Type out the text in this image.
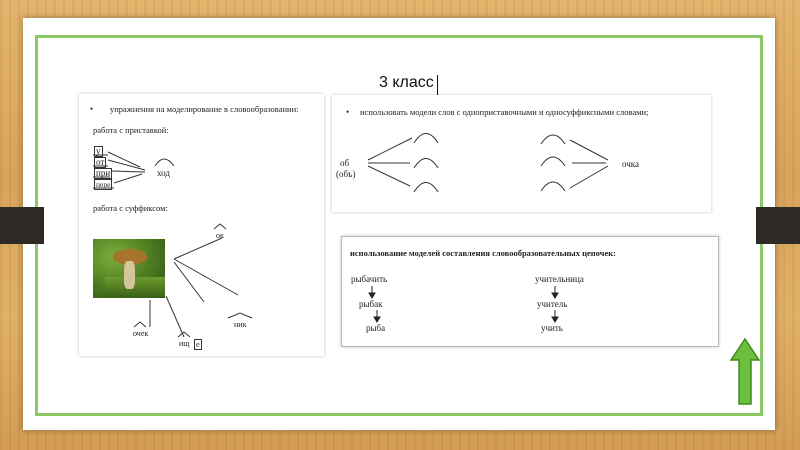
3 класс
• упражнения на моделирование в словообразовании:
работа с приставкой:
у
от
при
пере
ход
работа с суффиксом:
ок
очек
ник
ищ е
• использовать модели слов с одноприставочными и односуффиксными словами;
об
(объ)
очка
использование моделей составления словообразовательных цепочек:
рыбачить
рыбак
рыба
учительница
учитель
учить
